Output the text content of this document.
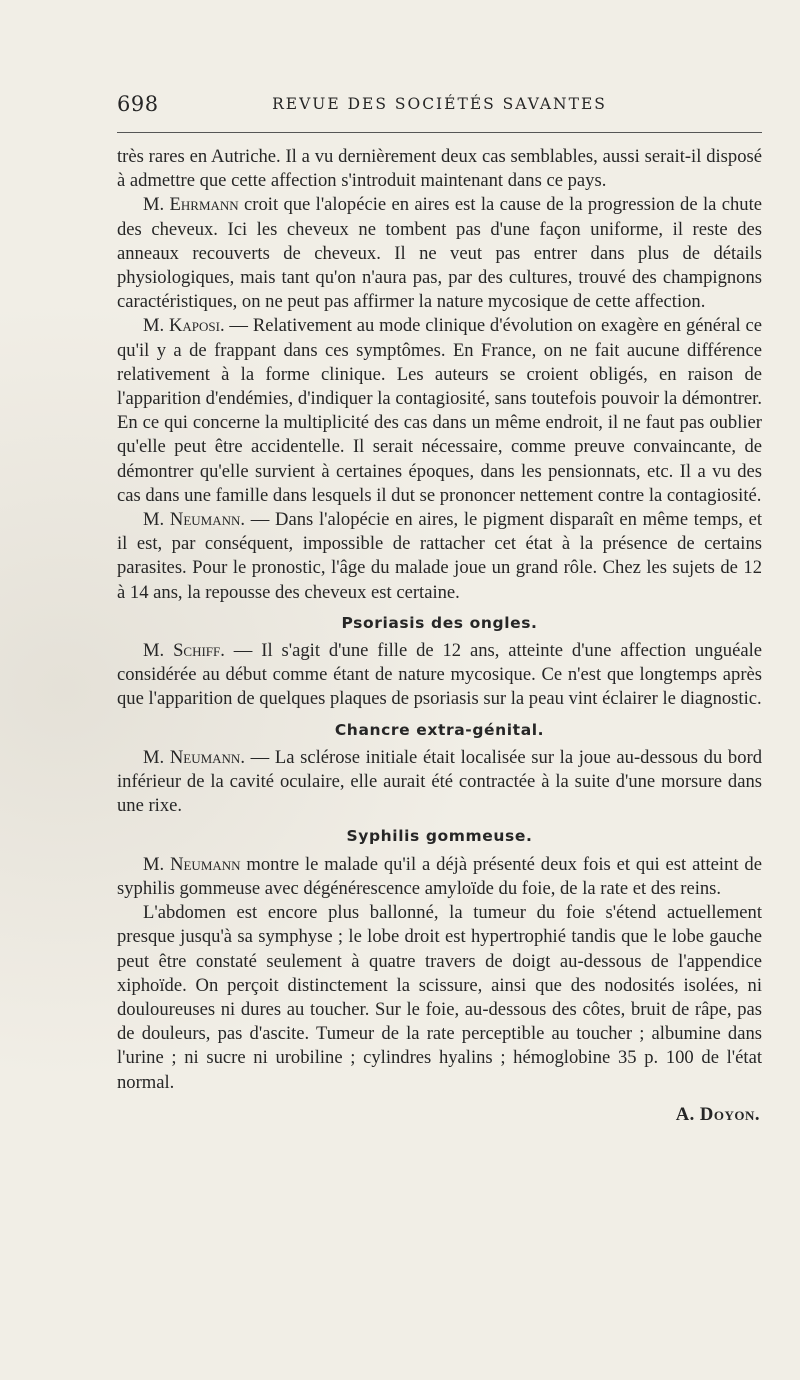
698	REVUE DES SOCIÉTÉS SAVANTES

très rares en Autriche. Il a vu dernièrement deux cas semblables, aussi serait-il disposé à admettre que cette affection s'introduit maintenant dans ce pays.

M. Ehrmann croit que l'alopécie en aires est la cause de la progression de la chute des cheveux. Ici les cheveux ne tombent pas d'une façon uniforme, il reste des anneaux recouverts de cheveux. Il ne veut pas entrer dans plus de détails physiologiques, mais tant qu'on n'aura pas, par des cultures, trouvé des champignons caractéristiques, on ne peut pas affirmer la nature mycosique de cette affection.

M. Kaposi. — Relativement au mode clinique d'évolution on exagère en général ce qu'il y a de frappant dans ces symptômes. En France, on ne fait aucune différence relativement à la forme clinique. Les auteurs se croient obligés, en raison de l'apparition d'endémies, d'indiquer la contagiosité, sans toutefois pouvoir la démontrer. En ce qui concerne la multiplicité des cas dans un même endroit, il ne faut pas oublier qu'elle peut être accidentelle. Il serait nécessaire, comme preuve convaincante, de démontrer qu'elle survient à certaines époques, dans les pensionnats, etc. Il a vu des cas dans une famille dans lesquels il dut se prononcer nettement contre la contagiosité.

M. Neumann. — Dans l'alopécie en aires, le pigment disparaît en même temps, et il est, par conséquent, impossible de rattacher cet état à la présence de certains parasites. Pour le pronostic, l'âge du malade joue un grand rôle. Chez les sujets de 12 à 14 ans, la repousse des cheveux est certaine.

Psoriasis des ongles.

M. Schiff. — Il s'agit d'une fille de 12 ans, atteinte d'une affection unguéale considérée au début comme étant de nature mycosique. Ce n'est que longtemps après que l'apparition de quelques plaques de psoriasis sur la peau vint éclairer le diagnostic.

Chancre extra-génital.

M. Neumann. — La sclérose initiale était localisée sur la joue au-dessous du bord inférieur de la cavité oculaire, elle aurait été contractée à la suite d'une morsure dans une rixe.

Syphilis gommeuse.

M. Neumann montre le malade qu'il a déjà présenté deux fois et qui est atteint de syphilis gommeuse avec dégénérescence amyloïde du foie, de la rate et des reins.

L'abdomen est encore plus ballonné, la tumeur du foie s'étend actuellement presque jusqu'à sa symphyse ; le lobe droit est hypertrophié tandis que le lobe gauche peut être constaté seulement à quatre travers de doigt au-dessous de l'appendice xiphoïde. On perçoit distinctement la scissure, ainsi que des nodosités isolées, ni douloureuses ni dures au toucher. Sur le foie, au-dessous des côtes, bruit de râpe, pas de douleurs, pas d'ascite. Tumeur de la rate perceptible au toucher ; albumine dans l'urine ; ni sucre ni urobiline ; cylindres hyalins ; hémoglobine 35 p. 100 de l'état normal.

A. Doyon.
